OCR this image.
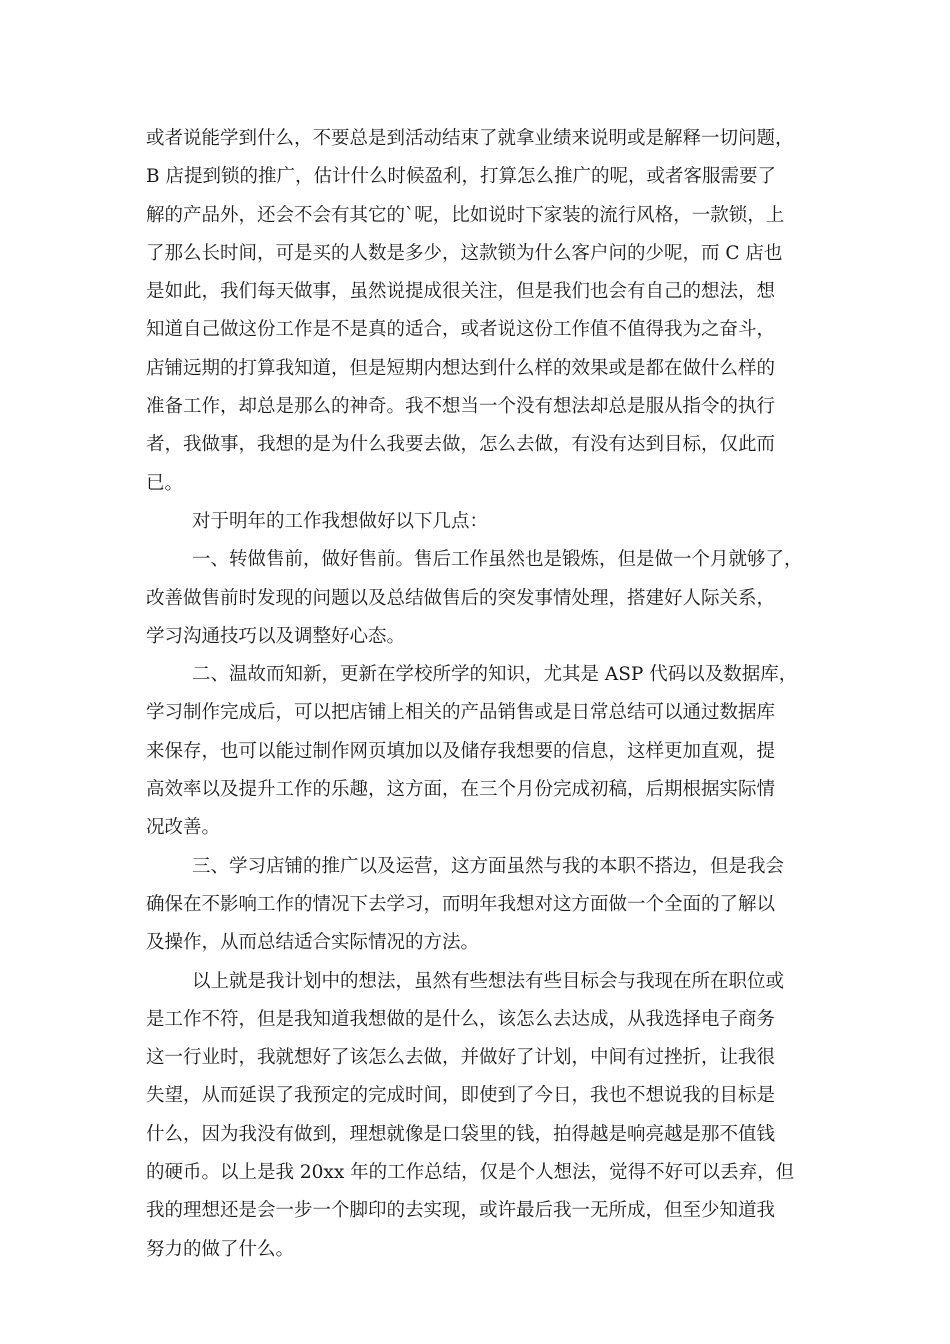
或者说能学到什么，不要总是到活动结束了就拿业绩来说明或是解释一切问题，
B 店提到锁的推广，估计什么时候盈利，打算怎么推广的呢，或者客服需要了
解的产品外，还会不会有其它的`呢，比如说时下家装的流行风格，一款锁，上
了那么长时间，可是买的人数是多少，这款锁为什么客户问的少呢，而 C 店也
是如此，我们每天做事，虽然说提成很关注，但是我们也会有自己的想法，想
知道自己做这份工作是不是真的适合，或者说这份工作值不值得我为之奋斗，
店铺远期的打算我知道，但是短期内想达到什么样的效果或是都在做什么样的
准备工作，却总是那么的神奇。我不想当一个没有想法却总是服从指令的执行
者，我做事，我想的是为什么我要去做，怎么去做，有没有达到目标，仅此而
已。
对于明年的工作我想做好以下几点：
一、转做售前，做好售前。售后工作虽然也是锻炼，但是做一个月就够了，
改善做售前时发现的问题以及总结做售后的突发事情处理，搭建好人际关系，
学习沟通技巧以及调整好心态。
二、温故而知新，更新在学校所学的知识，尤其是 ASP 代码以及数据库，
学习制作完成后，可以把店铺上相关的产品销售或是日常总结可以通过数据库
来保存，也可以能过制作网页填加以及储存我想要的信息，这样更加直观，提
高效率以及提升工作的乐趣，这方面，在三个月份完成初稿，后期根据实际情
况改善。
三、学习店铺的推广以及运营，这方面虽然与我的本职不搭边，但是我会
确保在不影响工作的情况下去学习，而明年我想对这方面做一个全面的了解以
及操作，从而总结适合实际情况的方法。
以上就是我计划中的想法，虽然有些想法有些目标会与我现在所在职位或
是工作不符，但是我知道我想做的是什么，该怎么去达成，从我选择电子商务
这一行业时，我就想好了该怎么去做，并做好了计划，中间有过挫折，让我很
失望，从而延误了我预定的完成时间，即使到了今日，我也不想说我的目标是
什么，因为我没有做到，理想就像是口袋里的钱，拍得越是响亮越是那不值钱
的硬币。以上是我 20xx 年的工作总结，仅是个人想法，觉得不好可以丢弃，但
我的理想还是会一步一个脚印的去实现，或许最后我一无所成，但至少知道我
努力的做了什么。
